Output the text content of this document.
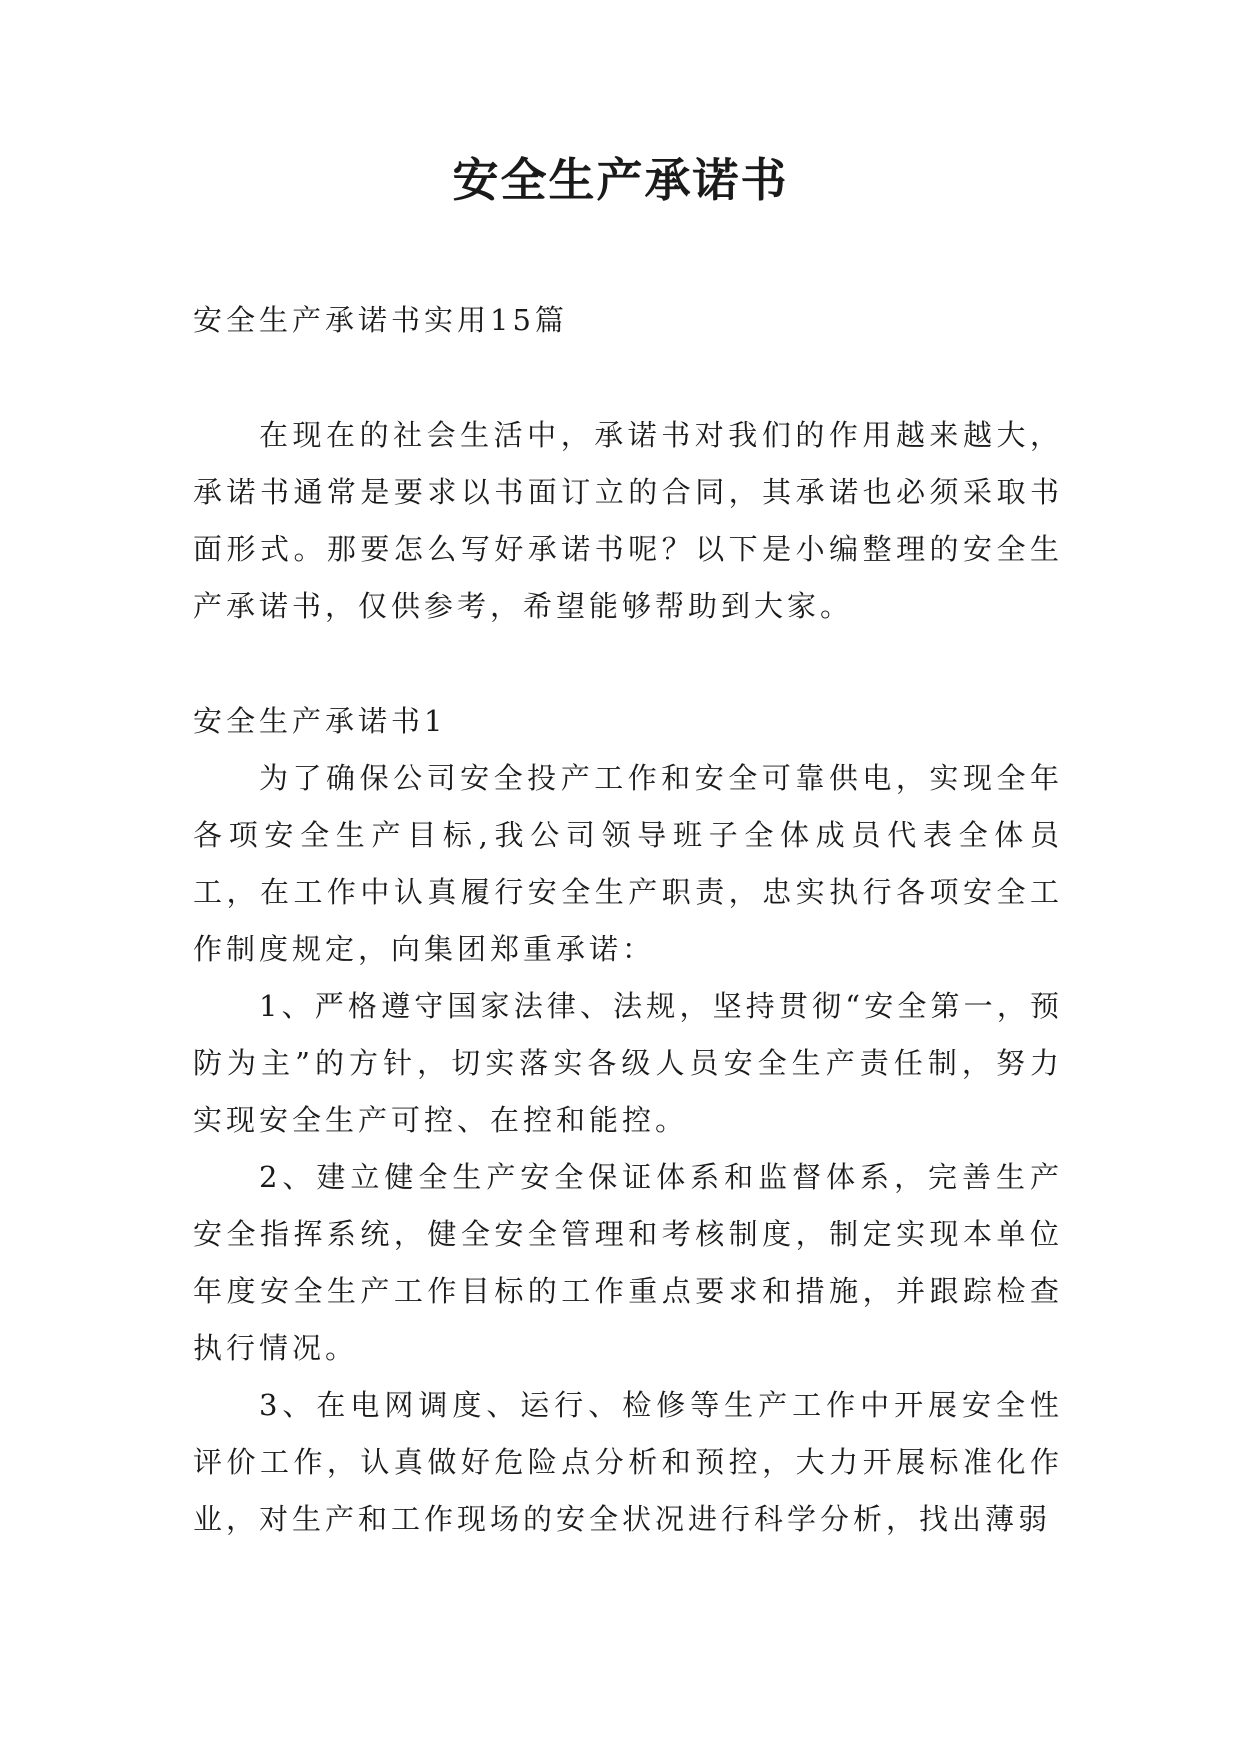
安全生产承诺书

安全生产承诺书实用15篇

在现在的社会生活中，承诺书对我们的作用越来越大，承诺书通常是要求以书面订立的合同，其承诺也必须采取书面形式。那要怎么写好承诺书呢？以下是小编整理的安全生产承诺书，仅供参考，希望能够帮助到大家。

安全生产承诺书1

为了确保公司安全投产工作和安全可靠供电，实现全年各项安全生产目标,我公司领导班子全体成员代表全体员工，在工作中认真履行安全生产职责，忠实执行各项安全工作制度规定，向集团郑重承诺：

1、严格遵守国家法律、法规，坚持贯彻“安全第一，预防为主”的方针，切实落实各级人员安全生产责任制，努力实现安全生产可控、在控和能控。

2、建立健全生产安全保证体系和监督体系，完善生产安全指挥系统，健全安全管理和考核制度，制定实现本单位年度安全生产工作目标的工作重点要求和措施，并跟踪检查执行情况。

3、在电网调度、运行、检修等生产工作中开展安全性评价工作，认真做好危险点分析和预控，大力开展标准化作业，对生产和工作现场的安全状况进行科学分析，找出薄弱
